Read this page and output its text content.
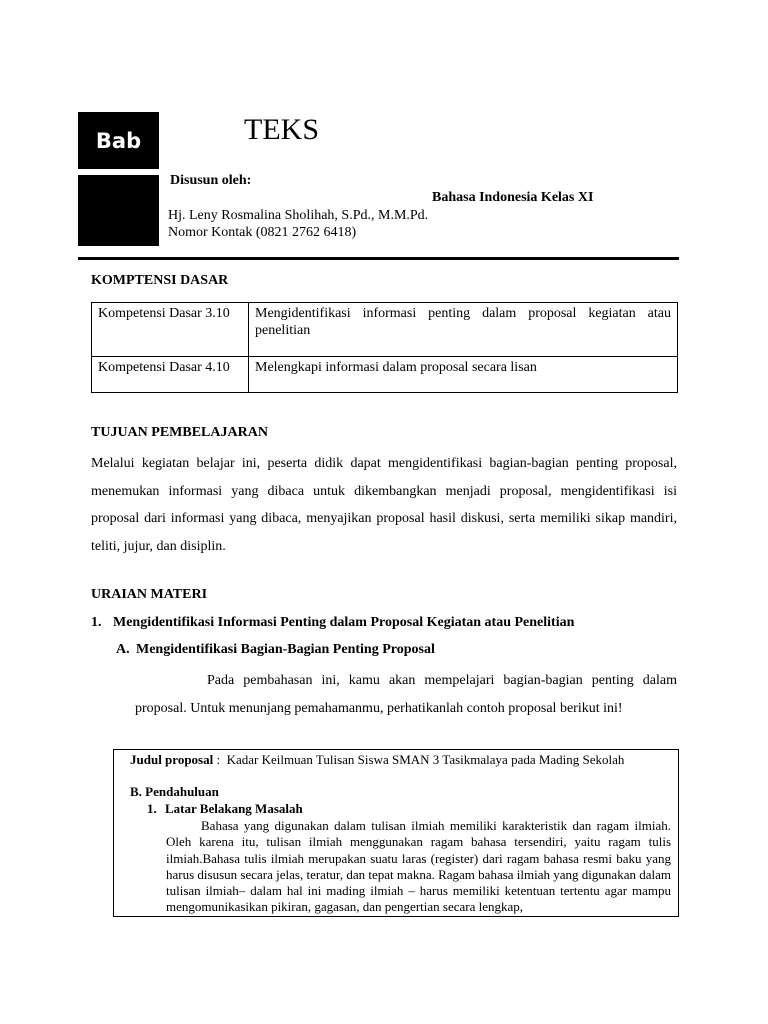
Bab	TEKS
Disusun oleh:
Bahasa Indonesia Kelas XI
Hj. Leny Rosmalina Sholihah, S.Pd., M.M.Pd.
Nomor Kontak (0821 2762 6418)
KOMPTENSI DASAR
Kompetensi Dasar 3.10	Mengidentifikasi informasi penting dalam proposal kegiatan atau penelitian
Kompetensi Dasar 4.10	Melengkapi informasi dalam proposal secara lisan
TUJUAN PEMBELAJARAN
Melalui kegiatan belajar ini, peserta didik dapat mengidentifikasi bagian-bagian penting proposal, menemukan informasi yang dibaca untuk dikembangkan menjadi proposal, mengidentifikasi isi proposal dari informasi yang dibaca, menyajikan proposal hasil diskusi, serta memiliki sikap mandiri, teliti, jujur, dan disiplin.
URAIAN MATERI
1. Mengidentifikasi Informasi Penting dalam Proposal Kegiatan atau Penelitian
A. Mengidentifikasi Bagian-Bagian Penting Proposal
Pada pembahasan ini, kamu akan mempelajari bagian-bagian penting dalam proposal. Untuk menunjang pemahamanmu, perhatikanlah contoh proposal berikut ini!
Judul proposal :  Kadar Keilmuan Tulisan Siswa SMAN 3 Tasikmalaya pada Mading Sekolah
B. Pendahuluan
1. Latar Belakang Masalah
Bahasa yang digunakan dalam tulisan ilmiah memiliki karakteristik dan ragam ilmiah. Oleh karena itu, tulisan ilmiah menggunakan ragam bahasa tersendiri, yaitu ragam tulis ilmiah.Bahasa tulis ilmiah merupakan suatu laras (register) dari ragam bahasa resmi baku yang harus disusun secara jelas, teratur, dan tepat makna. Ragam bahasa ilmiah yang digunakan dalam tulisan ilmiah– dalam hal ini mading ilmiah – harus memiliki ketentuan tertentu agar mampu mengomunikasikan pikiran, gagasan, dan pengertian secara lengkap,
